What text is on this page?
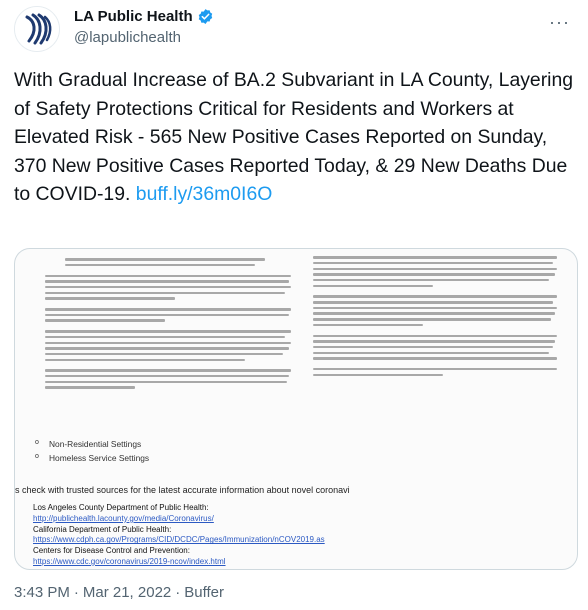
LA Public Health
@lapublichealth
···
With Gradual Increase of BA.2 Subvariant in LA County, Layering of Safety Protections Critical for Residents and Workers at Elevated Risk - 565 New Positive Cases Reported on Sunday, 370 New Positive Cases Reported Today, & 29 New Deaths Due to COVID-19. buff.ly/36m0I6O
o Non-Residential Settings
o Homeless Service Settings
s check with trusted sources for the latest accurate information about novel coronavi
Los Angeles County Department of Public Health:
http://publichealth.lacounty.gov/media/Coronavirus/
California Department of Public Health:
https://www.cdph.ca.gov/Programs/CID/DCDC/Pages/Immunization/nCOV2019.as
Centers for Disease Control and Prevention:
https://www.cdc.gov/coronavirus/2019-ncov/index.html
3:43 PM · Mar 21, 2022 · Buffer
